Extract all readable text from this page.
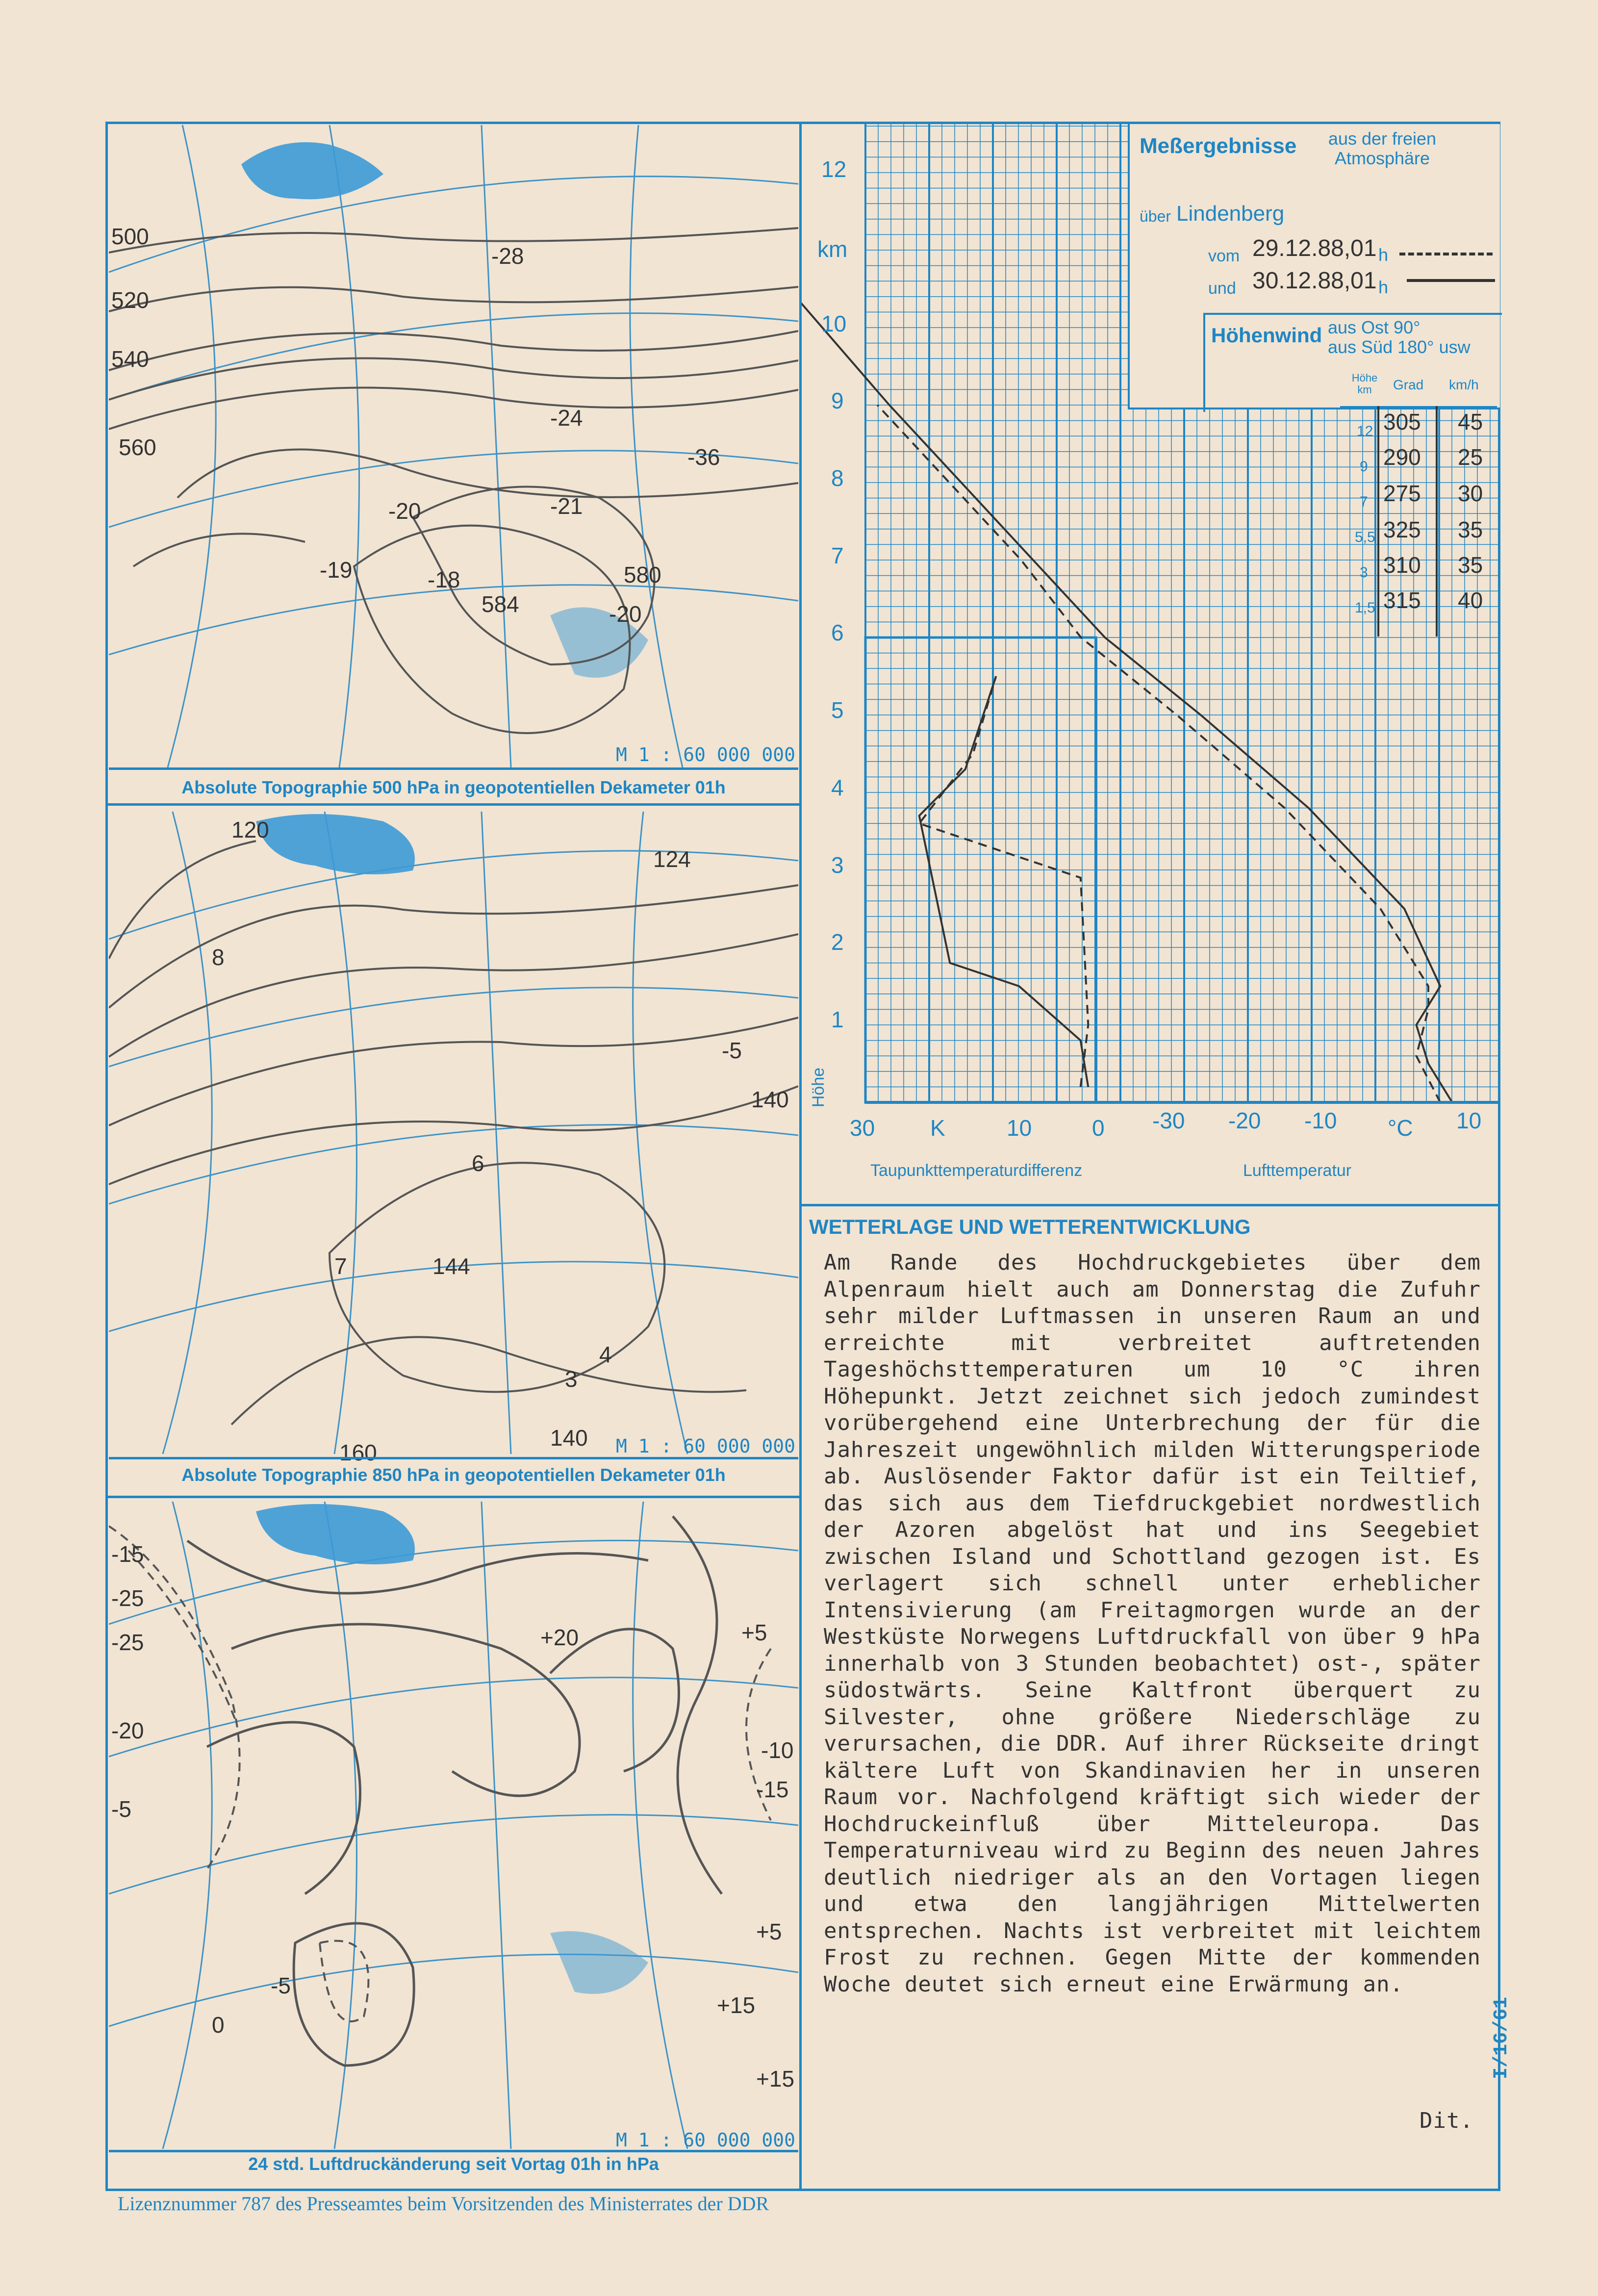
560
540
520
500
-28
-24
-20
-19	-18
584
580
-20
-21
-36
M 1 : 60 000 000
Absolute Topographie 500 hPa in geopotentiellen Dekameter 01h
120
124
140
144
160
140
6
7
8
-5
4
3
M 1 : 60 000 000
Absolute Topographie 850 hPa in geopotentiellen Dekameter 01h
-15
-20
-25
-5
+5
+15
+20
-10
-15
-25
0
-5
+5
+15
M 1 : 60 000 000
24 std. Luftdruckänderung seit Vortag 01h in hPa
Lizenznummer 787 des Presseamtes beim Vorsitzenden des Ministerrates der DDR
12
km
10
9
8
7
6
5
4
3
2
1
Höhe
30 K	10	0 -30 -20 -10 °C 10
Taupunkttemperaturdifferenz	Lufttemperatur
Meßergebnisse aus der freien Atmosphäre
über Lindenberg
vom 29.12.88,01 h
und 30.12.88,01 h
Höhenwind aus Ost 90°
aus Süd 180° usw
Höhe km	Grad km/h
12 305 45
9 290 25
7 275 30
5,5 325 35
3 310 35
1,5 315 40
WETTERLAGE UND WETTERENTWICKLUNG
Am Rande des Hochdruckgebietes über dem Alpenraum hielt auch am Donnerstag die Zufuhr sehr milder Luftmassen in unseren Raum an und erreichte mit verbreitet auftretenden Tageshöchsttemperaturen um 10 °C ihren Höhepunkt. Jetzt zeichnet sich jedoch zumindest vorübergehend eine Unterbrechung der für die Jahreszeit ungewöhnlich milden Witterungsperiode ab. Auslösender Faktor dafür ist ein Teiltief, das sich aus dem Tiefdruckgebiet nordwestlich der Azoren abgelöst hat und ins Seegebiet zwischen Island und Schottland gezogen ist. Es verlagert sich schnell unter erheblicher Intensivierung (am Freitagmorgen wurde an der Westküste Norwegens Luftdruckfall von über 9 hPa innerhalb von 3 Stunden beobachtet) ost-, später südostwärts. Seine Kaltfront überquert zu Silvester, ohne größere Niederschläge zu verursachen, die DDR. Auf ihrer Rückseite dringt kältere Luft von Skandinavien her in unseren Raum vor. Nachfolgend kräftigt sich wieder der Hochdruckeinfluß über Mitteleuropa. Das Temperaturniveau wird zu Beginn des neuen Jahres deutlich niedriger als an den Vortagen liegen und etwa den langjährigen Mittelwerten entsprechen. Nachts ist verbreitet mit leichtem Frost zu rechnen. Gegen Mitte der kommenden Woche deutet sich erneut eine Erwärmung an.
Dit.
I/16/61
